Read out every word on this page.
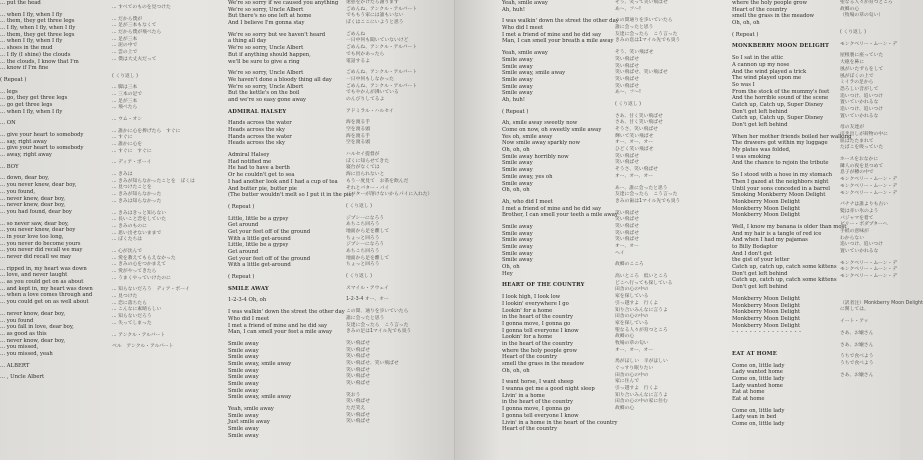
... put the head
... when I fly, when I fly
... them, they get three legs
... I fly, when I fly, when I fly
... them, they get three legs
... when I fly, when I fly
... shoes in the mud
... I fly (I shine) the clouds
... the clouds, I know that I'm
... know if I'm fine
( Repeat )
... legs
... go, they get three legs
... go get three legs
... when I fly, when I fly
... ON
... give your heart to somebody
... say, right away
... give your heart to somebody
... away, right away
... BOY
... down, dear boy,
... you never knew, dear boy,
... you found,
... never knew, dear boy,
... never knew, dear boy,
... you had found, dear boy
... so never saw, dear boy,
... you never knew, dear boy
... in your love too long,
... you never do become yours
... you never did recall we may
... never did recall we may
... ripped in, my heart was down
... love, and never taught
... as you could get on as about
... and kept in, my heart was down
... when a love comes through and
... you could get on as well about
... never know, dear boy,
... you found
... you fall in love, dear boy,
... as good as this
... never know, dear boy,
... you missed,
... you missed, yeah
... ALBERT
... , Uncle Albert
... すべてのものを見つけた
... だから僕が
... 足が三本もなくて
... だから僕が飛べたら
... 足が三本
... 泥の中で
... 雲の上で
... 僕は大丈夫だって
( くり返し )
... 脚は三本
... 三本の足で
... 足が三本
... 飛べたら
... ウム・オン
... 誰かに心を捧げたら　すぐに
... すぐに
... 誰かに心を
... すぐに　すぐに
... ディア・ボーイ
... きみは
... きみが知らなかったことを　ぼくは
... 見つけたことを
... きみが知らなかった
... きみは知らなかった
... きみはきっと知らない
... 長いこと恋をしていた
... きみのものに
... 思い出せないままで
... ぼくたちは
... 心が沈んで
... 愛を教えてもらえなかった
... きみの心をつかまえて
... 愛がやってきたら
... うまくやっていけたのに
... 知らないだろう　ディア・ボーイ
... 見つけた
... 恋に落ちたら
... こんなに素晴らしい
... 知らないだろう
... 失ってしまった
... アンクル・アルバート
ベル　アンクル・アルバート
We're so sorry if we caused you anything
We're so sorry, Uncle Albert
But there's no one left at home
And I believe I'm gonna stay
We're so sorry but we haven't heard
a thing all day
We're so sorry, Uncle Albert
But if anything should happen,
we'll be sure to give a ring
We're so sorry, Uncle Albert
We haven't done a bloody thing all day
We're so sorry, Uncle Albert
But the kettle's on the boil
and we're so easy gone away
ADMIRAL HALSEY
Hands across the water
Heads across the sky
Hands across the water
Heads across the sky
Admiral Halsey
Had notified me
He had to have a berth
Or he couldn't get to sea
I had another look and I had a cup of tea
And butter pie, butter pie
(The butter wouldn't melt so I put it in the pie)
( Repeat )
Little, little be a gypsy
Get around
Get your feet off of the ground
With a little get-around
Little, little be a gypsy
Get around
Get your feet off of the ground
With a little get-around
( Repeat )
SMILE AWAY
1-2-3-4 Oh, oh
I was walkin' down the street the other day
Who did I meet
I met a friend of mine and he did say
Man, I can smell your feet a mile away
Smile away
Smile away
Smile away
Smile away, smile away
Smile away
Smile away
Smile away
Smile away
Smile away, smile away
Yeah, smile away
Smile away
Just smile away
Smile away
Smile away
迷惑をかけたら謝ります
ごめんね、アンクル・アルバート
でももう家には誰もいない
ぼくはここにいようと思う
ごめんね
一日中何も聞いていないけど
ごめんね、アンクル・アルバート
でも何かあったら
電話するよ
ごめんね、アンクル・アルバート
一日中何もしなかった
ごめんね、アンクル・アルバート
でもやかんが沸いている
のんびりしてるよ
アドミラル・ハルセイ
海を渡る手
空を渡る頭
海を渡る手
空を渡る頭
ハルセイ提督が
ぼくに知らせてきた
寝台がなくては
海に出られないと
もう一度見て　お茶を飲んだ
それとバター・パイ
（バターが溶けないからパイに入れた）
( くり返し )
ジプシーになろう
あちこち回ろう
地面から足を離して
ちょっと回ろう
ジプシーになろう
あちこち回ろう
地面から足を離して
ちょっと回ろう
( くり返し )
スマイル・アウェイ
1-2-3-4 オー、オー
この間、通りを歩いていたら
誰に会ったと思う
友達に会ったら　こう言った
きみの足は1マイル先でも臭う
笑い飛ばせ
笑い飛ばせ
笑い飛ばせ
笑い飛ばせ、笑い飛ばせ
笑い飛ばせ
笑い飛ばせ
笑い飛ばせ
笑おう
笑い飛ばせ
ただ笑え
笑い飛ばせ
笑い飛ばせ
Yeah, smile away
Ah, huh!
I was walkin' down the street the other day
Who did I meet
I met a friend of mine and he did say
Man, I can smell your breath a mile away
Yeah, smile away
Smile away
Smile away
Smile away, smile away
Smile away
Smile away
Smile away
Ah, huh!
( Repeat )
Ah, smile away sweetly now
Come on now, oh sweetly smile away
Yes oh, smile away
Now smile away sparkly now
Oh, oh, oh
Smile away horribly now
Smile away
Smile away
Smile away, yes oh
Smile away
Oh, oh, oh
Ah, who did I meet
I met a friend of mine and he did say
Brother, I can smell your teeth a mile away
Smile away
Smile away
Smile away
Smile away
Smile away
Smile away
Oh, oh
Hey
HEART OF THE COUNTRY
I look high, I look low
I lookin' everywhere I go
Lookin' for a home
in the heart of the country
I gonna move, I gonna go
I gonna tell everyone I know
Lookin' for a home
in the heart of the country
where the holy people grow
Heart of the country
smell the grass in the meadow
Oh, oh, oh
I want horse, I want sheep
I wanna get me a good night sleep
Livin' in a home
in the heart of the country
I gonna move, I gonna go
I gonna tell everyone I know
Livin' in a home in the heart of the country
Heart of the country
そう、笑って笑い飛ばせ
あ〜、フ〜!
この間通りを歩いていたら
誰に会ったと思う
友達に会ったら　こう言った
きみの息は1マイル先でも臭う
そう、笑い飛ばせ
笑い飛ばせ
笑い飛ばせ
笑い飛ばせ、笑い飛ばせ
笑い飛ばせ
笑い飛ばせ
あ〜、フ〜!
( くり返し )
さあ、甘く笑い飛ばせ
さあ、甘く笑い飛ばせ
そうさ、笑い飛ばせ
輝いて笑い飛ばせ
オー、オー、オー
ひどく笑い飛ばせ
笑い飛ばせ
笑い飛ばせ
そうさ、笑い飛ばせ
オー、オー、オー
あー、誰に会ったと思う
友達に会ったら　こう言った
きみの歯は1マイル先でも臭う
笑い飛ばせ
笑い飛ばせ
笑い飛ばせ
笑い飛ばせ
笑い飛ばせ
オー、オー
ヘイ
故郷のこころ
高いところ　低いところ
どこへ行っても探している
田舎の心の中の
家を探している
引っ越すよ　行くよ
知り合いみんなに言うよ
田舎の心の中の
家を探している
聖なる人々が育つところ
故郷の心
牧場の草の匂い
オー、オー、オー
馬がほしい　羊がほしい
ぐっすり眠りたい
田舎の心の中の
家に住んで
引っ越すよ　行くよ
知り合いみんなに言うよ
田舎の心の中の家に住む
故郷の心
where the holy people grow
Heart of the country
smell the grass in the meadow
Oh, oh, oh
( Repeat )
MONKBERRY MOON DELIGHT
So I sat in the attic
A cannon up my nose
And the wind played a trick
The wind played upon me
So was I
From the stock of the mummy's feet
And the horrible sound of the scene
Catch up, Catch up, Super Disney
Don't get left behind
Catch up, Catch up, Super Disney
Don't get left behind
When her mother friends boiled her walking
The drawers got within my luggage
My plates was folded,
I was smoking
And the chance to rejoin the tribute
So I stood with a hose in my stomach
Then I gazed at the neighbors night
Until your sons conceded in a barrel
Smoking Monkberry Moon Delight
Monkberry Moon Delight
Monkberry Moon Delight
Monkberry Moon Delight
Well, I know my banana is older than most
And my hair is a tangle of red ice
And when I had my pajamas
to Billy Bodaptor
And I don't get
the gist of your letter
Catch up, catch up, catch some kittens
Don't get left behind
Catch up, catch up, catch some kittens
Don't get left behind
Monkberry Moon Delight
Monkberry Moon Delight
Monkberry Moon Delight
Monkberry Moon Delight
Monkberry Moon Delight
- - - - - - - - - - - - - - - -
EAT AT HOME
Come on, little lady
Lady wanted home
Come on, little lady
Lady wanted home
Eat at home
Eat at home
Come on, little lady
Lady wan in bed
Come on, little lady
聖なる人々が育つところ
故郷の心
（牧場の草の匂い）
( くり返し )
モンクベリー・ムーン・デ
屋根裏に座っていた
大砲を鼻に
風がいたずらをして
風がぼくの上で
ミイラの足から
恐ろしい音がして
追いつけ、追いつけ
置いていかれるな
追いつけ、追いつけ
置いていかれるな
母の友達が
引き出しが荷物の中に
皿はたたまれて
たばこを吸っていた
ホースをおなかに
隣人の夜を見つめて
息子が樽の中で
モンクベリー・ムーン・デ
モンクベリー・ムーン・デ
モンクベリー・ムーン・デ
バナナは誰よりも古い
髪は赤い氷のよう
パジャマを着て
ビリー・ボダプターへ
手紙の意味が
わからない
追いつけ、追いつけ
置いていかれるな
モンクベリー・ムーン・デ
モンクベリー・ムーン・デ
モンクベリー・ムーン・デ
（訳者注）Monkberry Moon Delight
に関しては、
イート・アッ
さあ、お嬢さん
さあ、お嬢さん
うちで食べよう
うちで食べよう
さあ、お嬢さん
